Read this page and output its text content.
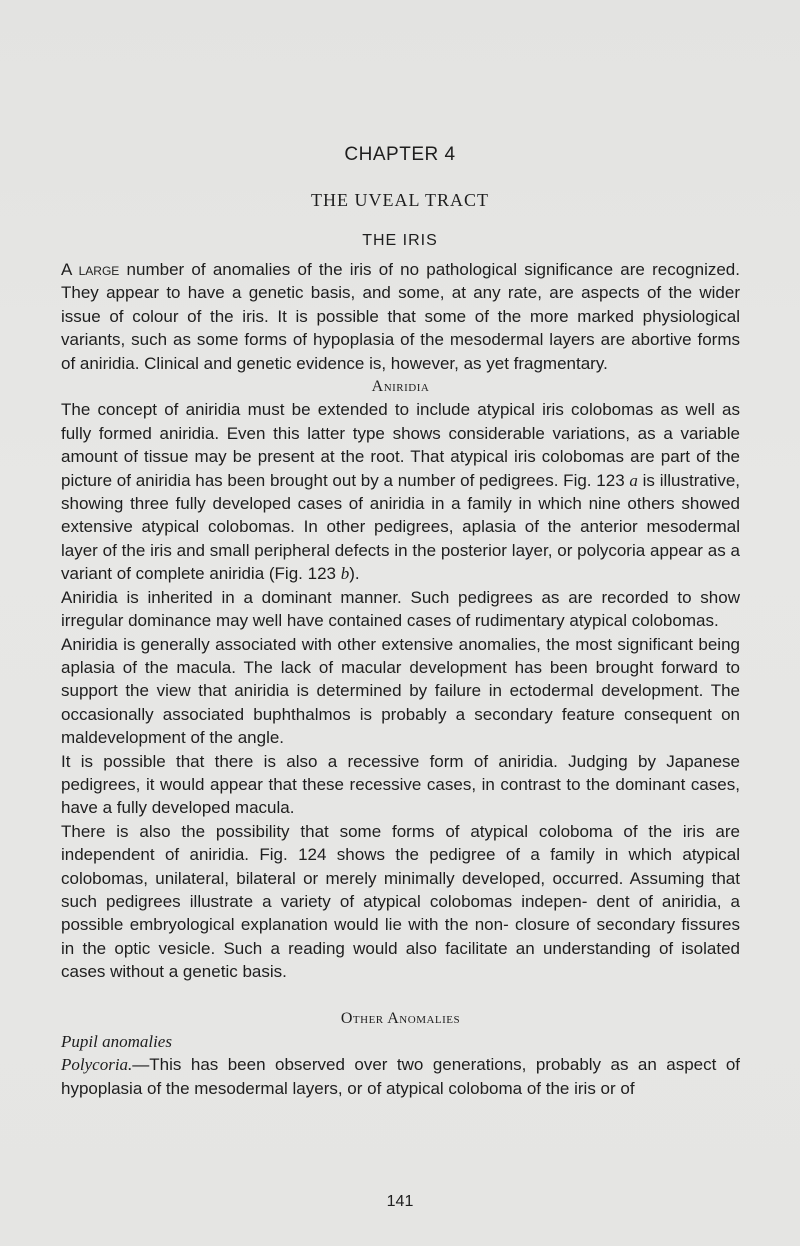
CHAPTER 4
THE UVEAL TRACT
THE IRIS

A large number of anomalies of the iris of no pathological significance are recognized. They appear to have a genetic basis, and some, at any rate, are aspects of the wider issue of colour of the iris. It is possible that some of the more marked physiological variants, such as some forms of hypoplasia of the mesodermal layers are abortive forms of aniridia. Clinical and genetic evidence is, however, as yet fragmentary.

Aniridia

The concept of aniridia must be extended to include atypical iris colobomas as well as fully formed aniridia. Even this latter type shows considerable variations, as a variable amount of tissue may be present at the root. That atypical iris colobomas are part of the picture of aniridia has been brought out by a number of pedigrees. Fig. 123 a is illustrative, showing three fully developed cases of aniridia in a family in which nine others showed extensive atypical colobomas. In other pedigrees, aplasia of the anterior mesodermal layer of the iris and small peripheral defects in the posterior layer, or polycoria appear as a variant of complete aniridia (Fig. 123 b).

Aniridia is inherited in a dominant manner. Such pedigrees as are recorded to show irregular dominance may well have contained cases of rudimentary atypical colobomas.

Aniridia is generally associated with other extensive anomalies, the most significant being aplasia of the macula. The lack of macular development has been brought forward to support the view that aniridia is determined by failure in ectodermal development. The occasionally associated buphthalmos is probably a secondary feature consequent on maldevelopment of the angle.

It is possible that there is also a recessive form of aniridia. Judging by Japanese pedigrees, it would appear that these recessive cases, in contrast to the dominant cases, have a fully developed macula.

There is also the possibility that some forms of atypical coloboma of the iris are independent of aniridia. Fig. 124 shows the pedigree of a family in which atypical colobomas, unilateral, bilateral or merely minimally developed, occurred. Assuming that such pedigrees illustrate a variety of atypical colobomas indepen- dent of aniridia, a possible embryological explanation would lie with the non- closure of secondary fissures in the optic vesicle. Such a reading would also facilitate an understanding of isolated cases without a genetic basis.

Other Anomalies

Pupil anomalies

Polycoria.—This has been observed over two generations, probably as an aspect of hypoplasia of the mesodermal layers, or of atypical coloboma of the iris or of

141
